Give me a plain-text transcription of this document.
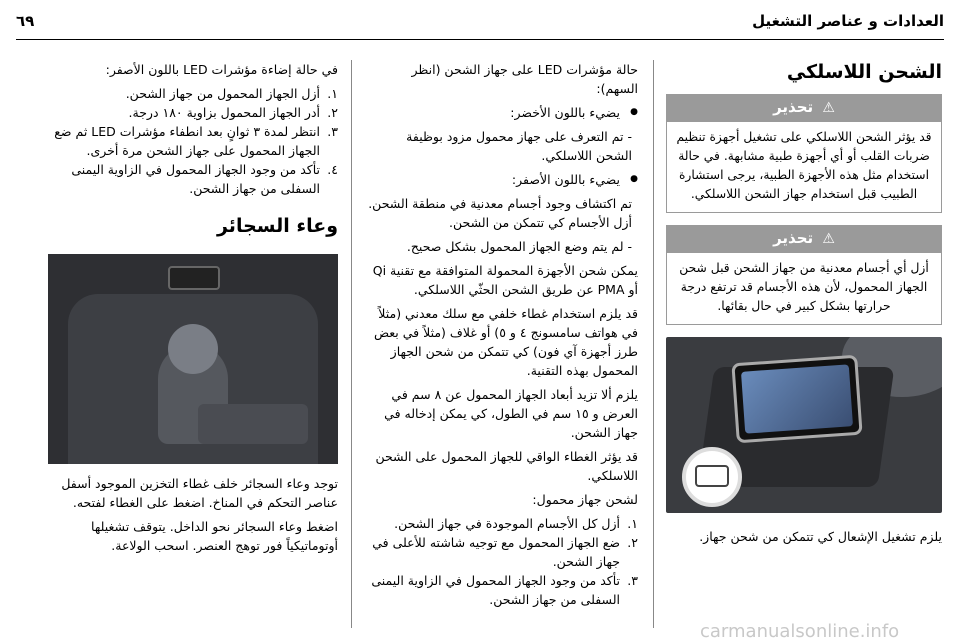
العدادات و عناصر التشغيل
٦٩
الشحن اللاسلكي
⚠ تحذير
قد يؤثر الشحن اللاسلكي على تشغيل أجهزة تنظيم ضربات القلب أو أي أجهزة طبية مشابهة. في حالة استخدام مثل هذه الأجهزة الطبية، يرجى استشارة الطبيب قبل استخدام جهاز الشحن اللاسلكي.
⚠ تحذير
أزل أي أجسام معدنية من جهاز الشحن قبل شحن الجهاز المحمول، لأن هذه الأجسام قد ترتفع درجة حرارتها بشكل كبير في حال بقائها.
يلزم تشغيل الإشعال كي تتمكن من شحن جهاز.

حالة مؤشرات LED على جهاز الشحن (انظر السهم):

● يضيء باللون الأخضر:

- تم التعرف على جهاز محمول مزود بوظيفة الشحن اللاسلكي.

● يضيء باللون الأصفر:

تم اكتشاف وجود أجسام معدنية في منطقة الشحن. أزل الأجسام كي تتمكن من الشحن.

- لم يتم وضع الجهاز المحمول بشكل صحيح.

يمكن شحن الأجهزة المحمولة المتوافقة مع تقنية Qi أو PMA عن طريق الشحن الحثّي اللاسلكي.

قد يلزم استخدام غطاء خلفي مع سلك معدني (مثلاً في هواتف سامسونج ٤ و ٥) أو غلاف (مثلاً في بعض طرز أجهزة آي فون) كي تتمكن من شحن الجهاز المحمول بهذه التقنية.

يلزم ألا تزيد أبعاد الجهاز المحمول عن ٨ سم في العرض و ١٥ سم في الطول، كي يمكن إدخاله في جهاز الشحن.

قد يؤثر الغطاء الواقي للجهاز المحمول على الشحن اللاسلكي.

لشحن جهاز محمول:

١.
أزل كل الأجسام الموجودة في جهاز الشحن.
٢.
ضع الجهاز المحمول مع توجيه شاشته للأعلى في جهاز الشحن.
٣.
تأكد من وجود الجهاز المحمول في الزاوية اليمنى السفلى من جهاز الشحن.

في حالة إضاءة مؤشرات LED باللون الأصفر:

١.
أزل الجهاز المحمول من جهاز الشحن.
٢.
أدر الجهاز المحمول بزاوية ١٨٠ درجة.
٣.
انتظر لمدة ٣ ثوانٍ بعد انطفاء مؤشرات LED ثم ضع الجهاز المحمول على جهاز الشحن مرة أخرى.
٤.
تأكد من وجود الجهاز المحمول في الزاوية اليمنى السفلى من جهاز الشحن.
وعاء السجائر

توجد وعاء السجائر خلف غطاء التخزين الموجود أسفل عناصر التحكم في المناخ. اضغط على الغطاء لفتحه.

اضغط وعاء السجائر نحو الداخل. يتوقف تشغيلها أوتوماتيكياً فور توهج العنصر. اسحب الولاعة.

carmanualsonline.info
